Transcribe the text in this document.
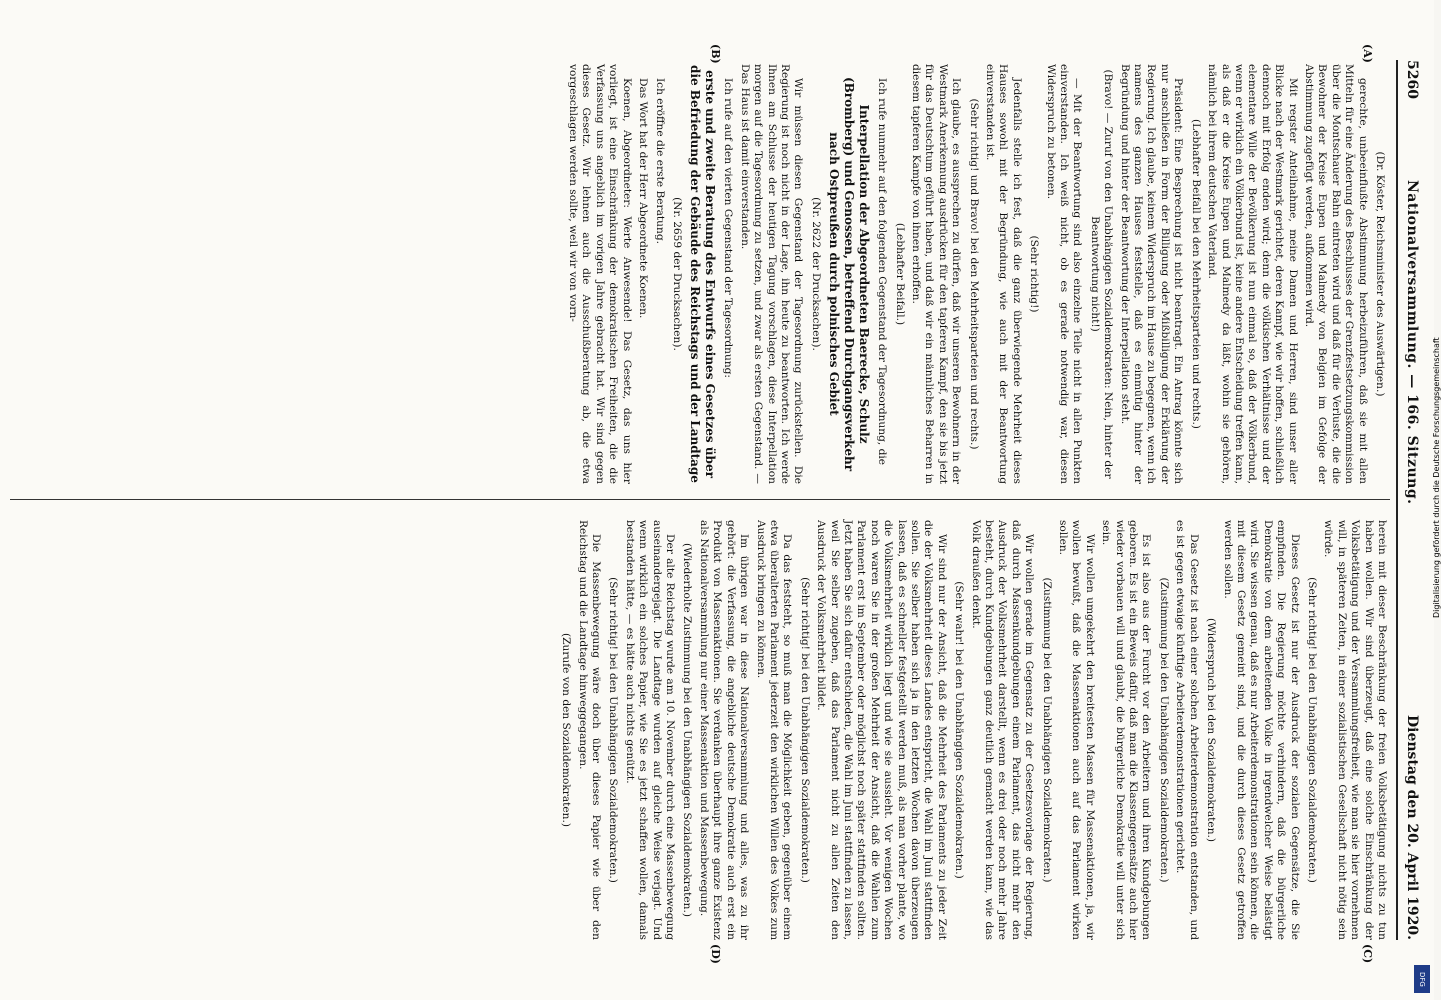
5260
Nationalversammlung. — 166. Sitzung.
Dienstag den 20. April 1920.
(A)
(B)
(C)
(D)

(Dr. Köster, Reichsminister des Auswärtigen.)

gerechte, unbeeinflußte Abstimmung herbeizuführen, daß sie mit allen Mitteln für eine Änderung des Beschlusses der Grenzfestsetzungskommission über die Montschauer Bahn eintreten wird und daß für die Verluste, die die Bewohner der Kreise Eupen und Malmedy von Belgien im Gefolge der Abstimmung zugefügt werden, aufkommen wird.

Mit regster Anteilnahme, meine Damen und Herren, sind unser aller Blicke nach der Westmark gerichtet, deren Kampf, wie wir hoffen, schließlich dennoch mit Erfolg enden wird; denn die völkischen Verhältnisse und der elementare Wille der Bevölkerung ist nun einmal so, daß der Völkerbund, wenn er wirklich ein Völkerbund ist, keine andere Entscheidung treffen kann, als daß er die Kreise Eupen und Malmedy da läßt, wohin sie gehören, nämlich bei ihrem deutschen Vaterland.

(Lebhafter Beifall bei den Mehrheitsparteien und rechts.)

Präsident: Eine Besprechung ist nicht beantragt. Ein Antrag könnte sich nur anschließen in Form der Billigung oder Mißbilligung der Erklärung der Regierung. Ich glaube, keinem Widerspruch im Hause zu begegnen, wenn ich namens des ganzen Hauses feststelle, daß es einmütig hinter der Begründung und hinter der Beantwortung der Interpellation steht.

(Bravo! — Zuruf von den Unabhängigen Sozialdemokraten: Nein, hinter der Beantwortung nicht!)

— Mit der Beantwortung sind also einzelne Teile nicht in allen Punkten einverstanden. Ich weiß nicht, ob es gerade notwendig war, diesen Widerspruch zu betonen.

(Sehr richtig!)

Jedenfalls stelle ich fest, daß die ganz überwiegende Mehrheit dieses Hauses sowohl mit der Begründung, wie auch mit der Beantwortung einverstanden ist.

(Sehr richtig! und Bravo! bei den Mehrheitsparteien und rechts.)

Ich glaube, es aussprechen zu dürfen, daß wir unseren Bewohnern in der Westmark Anerkennung ausdrücken für den tapferen Kampf, den sie bis jetzt für das Deutschtum geführt haben, und daß wir ein männliches Beharren in diesem tapferen Kampfe von ihnen erhoffen.

(Lebhafter Beifall.)

Ich rufe nunmehr auf den folgenden Gegenstand der Tagesordnung, die

Interpellation der Abgeordneten Baerecke, Schulz (Bromberg) und Genossen, betreffend Durchgangsverkehr nach Ostpreußen durch polnisches Gebiet

(Nr. 2622 der Drucksachen).

Wir müssen diesen Gegenstand der Tagesordnung zurückstellen. Die Regierung ist noch nicht in der Lage, ihn heute zu beantworten. Ich werde Ihnen am Schlusse der heutigen Tagung vorschlagen, diese Interpellation morgen auf die Tagesordnung zu setzen, und zwar als ersten Gegenstand. — Das Haus ist damit einverstanden.

Ich rufe auf den vierten Gegenstand der Tagesordnung:

erste und zweite Beratung des Entwurfs eines Gesetzes über die Befriedung der Gebäude des Reichstags und der Landtage

(Nr. 2659 der Drucksachen).

Ich eröffne die erste Beratung.

Das Wort hat der Herr Abgeordnete Koenen.

Koenen, Abgeordneter: Werte Anwesende! Das Gesetz, das uns hier vorliegt, ist eine Einschränkung der demokratischen Freiheiten, die die Verfassung uns angeblich im vorigen Jahre gebracht hat. Wir sind gegen dieses Gesetz. Wir lehnen auch die Ausschußberatung ab, die etwa vorgeschlagen werden sollte, weil wir von vorn-

herein mit dieser Beschränkung der freien Volksbetätigung nichts zu tun haben wollen. Wir sind überzeugt, daß eine solche Einschränkung der Volksbetätigung und der Versammlungsfreiheit, wie man sie hier vornehmen will, in späteren Zeiten, in einer sozialistischen Gesellschaft nicht nötig sein würde.

(Sehr richtig! bei den Unabhängigen Sozialdemokraten.)

Dieses Gesetz ist nur der Ausdruck der sozialen Gegensätze, die Sie empfinden. Die Regierung möchte verhindern, daß die bürgerliche Demokratie von dem arbeitenden Volke in irgendwelcher Weise belästigt wird. Sie wissen genau, daß es nur Arbeiterdemonstrationen sein können, die mit diesem Gesetz gemeint sind, und die durch dieses Gesetz getroffen werden sollen.

(Widerspruch bei den Sozialdemokraten.)

Das Gesetz ist nach einer solchen Arbeiterdemonstration entstanden, und es ist gegen etwaige künftige Arbeiterdemonstrationen gerichtet.

(Zustimmung bei den Unabhängigen Sozialdemokraten.)

Es ist also aus der Furcht vor den Arbeitern und ihren Kundgebungen geboren. Es ist ein Beweis dafür, daß man die Klassengegensätze auch hier wieder vorbauen will und glaubt, die bürgerliche Demokratie will unter sich sein.

Wir wollen umgekehrt den breitesten Massen für Massenaktionen, ja, wir wollen bewußt, daß die Massenaktionen auch auf das Parlament wirken sollen.

(Zustimmung bei den Unabhängigen Sozialdemokraten.)

Wir wollen gerade im Gegensatz zu der Gesetzesvorlage der Regierung, daß durch Massenkundgebungen einem Parlament, das nicht mehr den Ausdruck der Volksmehrheit darstellt, wenn es drei oder noch mehr Jahre besteht, durch Kundgebungen ganz deutlich gemacht werden kann, wie das Volk draußen denkt.

(Sehr wahr! bei den Unabhängigen Sozialdemokraten.)

Wir sind nur der Ansicht, daß die Mehrheit des Parlaments zu jeder Zeit die der Volksmehrheit dieses Landes entspricht, die Wahl im Juni stattfinden sollen. Sie selber haben sich ja in den letzten Wochen davon überzeugen lassen, daß es schneller festgestellt werden muß, als man vorher plante, wo die Volksmehrheit wirklich liegt und wie sie aussieht. Vor wenigen Wochen noch waren Sie in der großen Mehrheit der Ansicht, daß die Wahlen zum Parlament erst im September oder möglichst noch später stattfinden sollten. Jetzt haben Sie sich dafür entschieden, die Wahl im Juni stattfinden zu lassen, weil Sie selber zugeben, daß das Parlament nicht zu allen Zeiten den Ausdruck der Volksmehrheit bildet.

(Sehr richtig! bei den Unabhängigen Sozialdemokraten.)

Da das feststeht, so muß man die Möglichkeit geben, gegenüber einem etwa überalterten Parlament jederzeit den wirklichen Willen des Volkes zum Ausdruck bringen zu können.

Im übrigen war in diese Nationalversammlung und alles, was zu ihr gehört: die Verfassung, die angebliche deutsche Demokratie auch erst ein Produkt von Massenaktionen. Sie verdanken überhaupt ihre ganze Existenz als Nationalversammlung nur einer Massenaktion und Massenbewegung.

(Wiederholte Zustimmung bei den Unabhängigen Sozialdemokraten.)

Der alte Reichstag wurde am 10. November durch eine Massenbewegung auseinandergejagt. Die Landtage wurden auf gleiche Weise verjagt. Und wenn wirklich ein solches Papier, wie Sie es jetzt schaffen wollen, damals bestanden hätte, — es hätte auch nichts genützt.

(Sehr richtig! bei den Unabhängigen Sozialdemokraten.)

Die Massenbewegung wäre doch über dieses Papier wie über den Reichstag und die Landtage hinweggegangen.

(Zurufe von den Sozialdemokraten.)

Digitalisierung gefördert durch die Deutsche Forschungsgemeinschaft
DFG
